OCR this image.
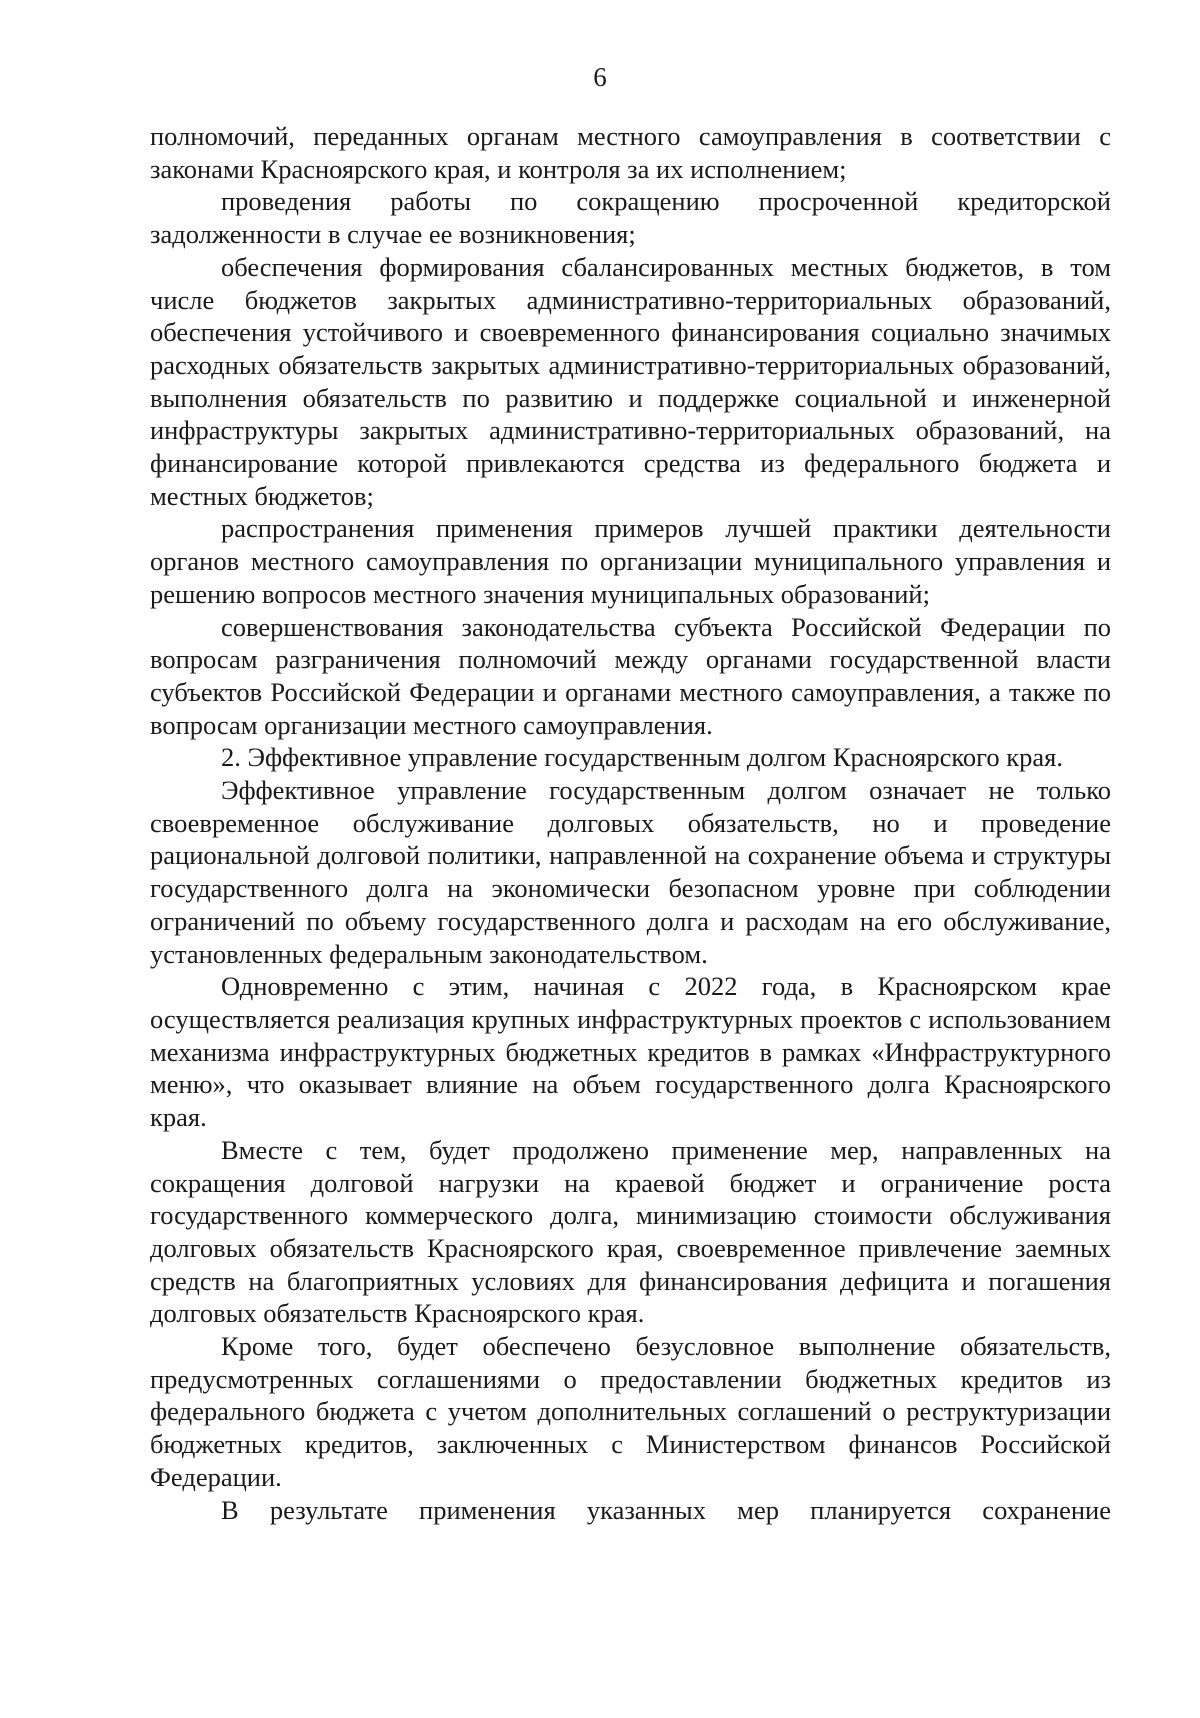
6

полномочий, переданных органам местного самоуправления в соответствии с законами Красноярского края, и контроля за их исполнением;

проведения работы по сокращению просроченной кредиторской задолженности в случае ее возникновения;

обеспечения формирования сбалансированных местных бюджетов, в том числе бюджетов закрытых административно-территориальных образований, обеспечения устойчивого и своевременного финансирования социально значимых расходных обязательств закрытых административно-территориальных образований, выполнения обязательств по развитию и поддержке социальной и инженерной инфраструктуры закрытых административно-территориальных образований, на финансирование которой привлекаются средства из федерального бюджета и местных бюджетов;

распространения применения примеров лучшей практики деятельности органов местного самоуправления по организации муниципального управления и решению вопросов местного значения муниципальных образований;

совершенствования законодательства субъекта Российской Федерации по вопросам разграничения полномочий между органами государственной власти субъектов Российской Федерации и органами местного самоуправления, а также по вопросам организации местного самоуправления.

2. Эффективное управление государственным долгом Красноярского края.

Эффективное управление государственным долгом означает не только своевременное обслуживание долговых обязательств, но и проведение рациональной долговой политики, направленной на сохранение объема и структуры государственного долга на экономически безопасном уровне при соблюдении ограничений по объему государственного долга и расходам на его обслуживание, установленных федеральным законодательством.

Одновременно с этим, начиная с 2022 года, в Красноярском крае осуществляется реализация крупных инфраструктурных проектов с использованием механизма инфраструктурных бюджетных кредитов в рамках «Инфраструктурного меню», что оказывает влияние на объем государственного долга Красноярского края.

Вместе с тем, будет продолжено применение мер, направленных на сокращения долговой нагрузки на краевой бюджет и ограничение роста государственного коммерческого долга, минимизацию стоимости обслуживания долговых обязательств Красноярского края, своевременное привлечение заемных средств на благоприятных условиях для финансирования дефицита и погашения долговых обязательств Красноярского края.

Кроме того, будет обеспечено безусловное выполнение обязательств, предусмотренных соглашениями о предоставлении бюджетных кредитов из федерального бюджета с учетом дополнительных соглашений о реструктуризации бюджетных кредитов, заключенных с Министерством финансов Российской Федерации.

В результате применения указанных мер планируется сохранение
